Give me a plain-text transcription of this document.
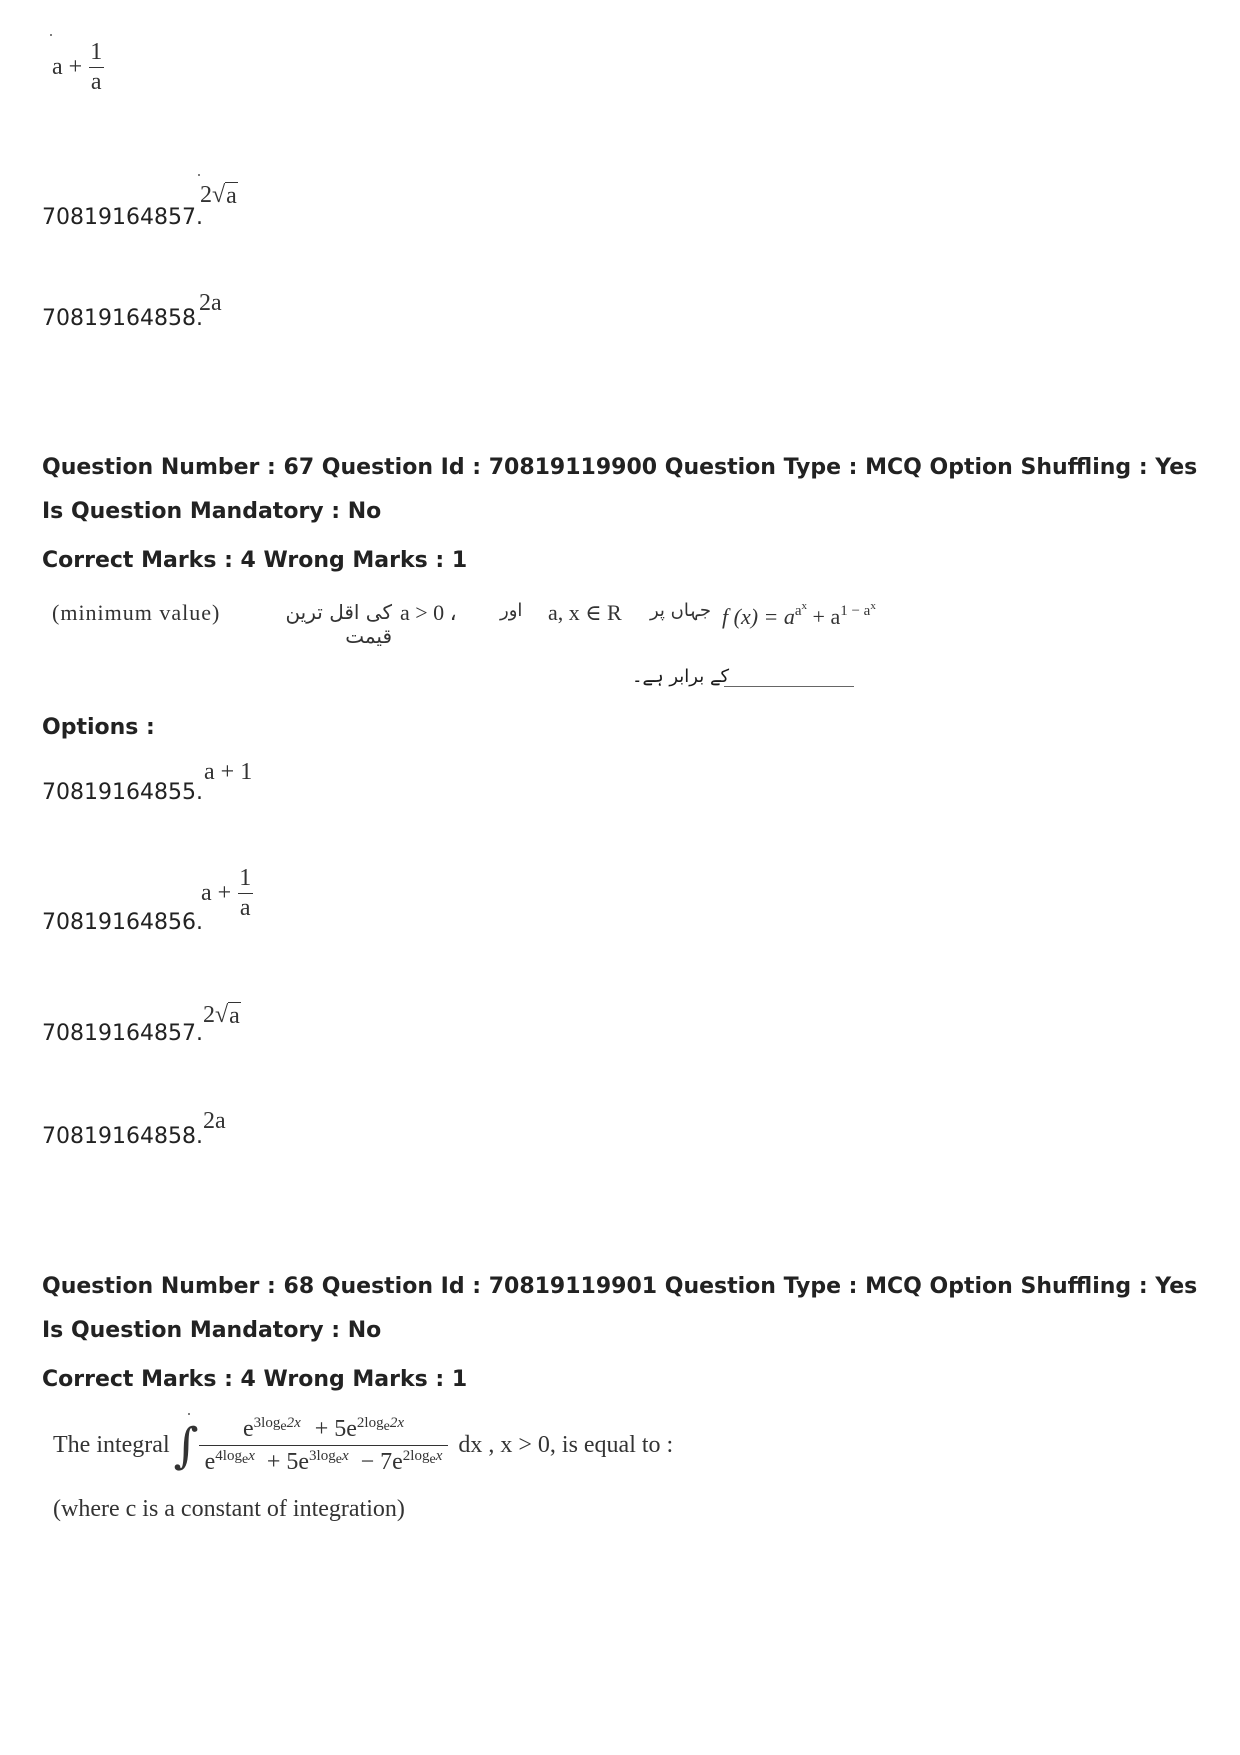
$a + \frac{1}{a}$
70819164857.
2 √ a
70819164858.
2a
Question Number : 67 Question Id : 70819119900 Question Type : MCQ Option Shuffling : Yes
Is Question Mandatory : No
Correct Marks : 4 Wrong Marks : 1
(minimum value)	کی اقل ترین قیمت
a > 0 ، اور a, x ∈ R جہاں پر f $(x) = a^{a^x} + a^{1 - a^x}$
کے برابر ہے۔
Options :
70819164855.
a + 1
70819164856.
$a + \frac{1}{a}$
70819164857.
2 √ a
70819164858.
2a
Question Number : 68 Question Id : 70819119901 Question Type : MCQ Option Shuffling : Yes
Is Question Mandatory : No
Correct Marks : 4 Wrong Marks : 1
The integral ∫ $\frac{e^{3log_e2x} + 5e^{2log_e2x}}{e^{4log_ex} + 5e^{3log_ex} - 7e^{2log_ex}}$ dx , x > 0, is equal to :
(where c is a constant of integration)
